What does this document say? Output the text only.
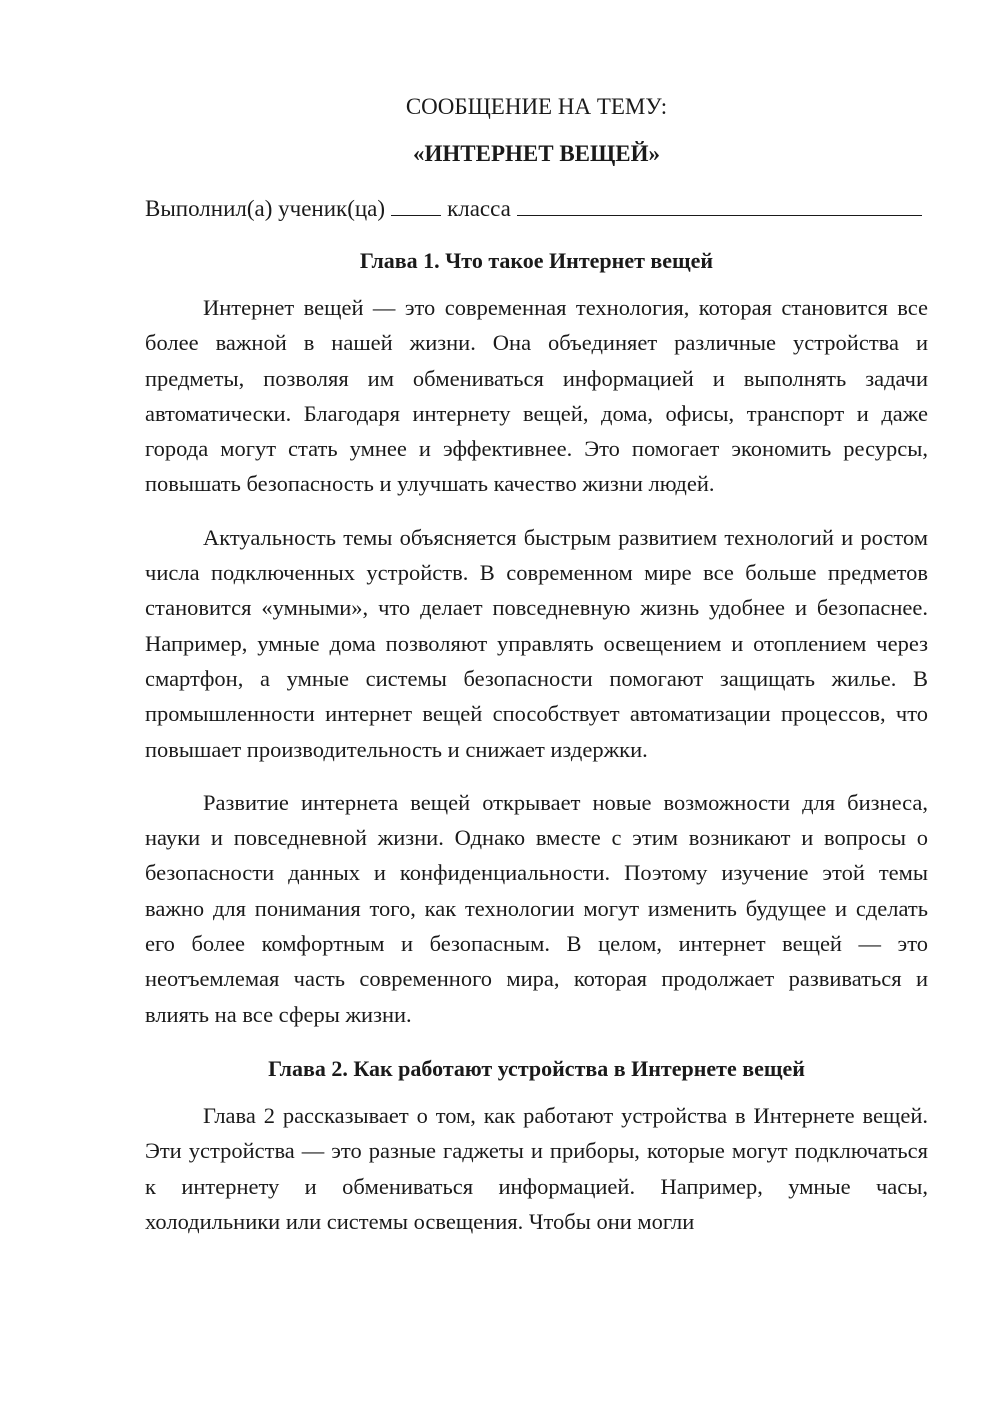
СООБЩЕНИЕ НА ТЕМУ:

«ИНТЕРНЕТ ВЕЩЕЙ»

Выполнил(а) ученик(ца)	класса
Глава 1. Что такое Интернет вещей

Интернет вещей — это современная технология, которая становится все более важной в нашей жизни. Она объединяет различные устройства и предметы, позволяя им обмениваться информацией и выполнять задачи автоматически. Благодаря интернету вещей, дома, офисы, транспорт и даже города могут стать умнее и эффективнее. Это помогает экономить ресурсы, повышать безопасность и улучшать качество жизни людей.

Актуальность темы объясняется быстрым развитием технологий и ростом числа подключенных устройств. В современном мире все больше предметов становится «умными», что делает повседневную жизнь удобнее и безопаснее. Например, умные дома позволяют управлять освещением и отоплением через смартфон, а умные системы безопасности помогают защищать жилье. В промышленности интернет вещей способствует автоматизации процессов, что повышает производительность и снижает издержки.

Развитие интернета вещей открывает новые возможности для бизнеса, науки и повседневной жизни. Однако вместе с этим возникают и вопросы о безопасности данных и конфиденциальности. Поэтому изучение этой темы важно для понимания того, как технологии могут изменить будущее и сделать его более комфортным и безопасным. В целом, интернет вещей — это неотъемлемая часть современного мира, которая продолжает развиваться и влиять на все сферы жизни.

Глава 2. Как работают устройства в Интернете вещей

Глава 2 рассказывает о том, как работают устройства в Интернете вещей. Эти устройства — это разные гаджеты и приборы, которые могут подключаться к интернету и обмениваться информацией. Например, умные часы, холодильники или системы освещения. Чтобы они могли
